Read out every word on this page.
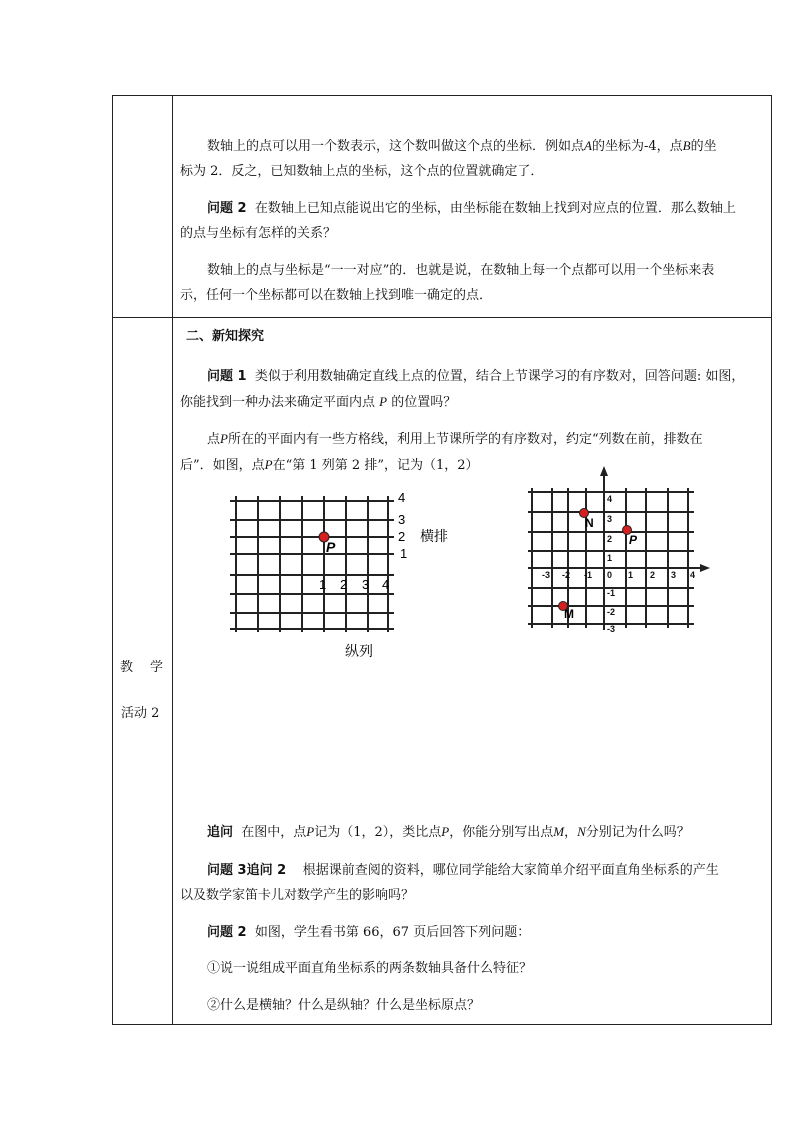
数轴上的点可以用一个数表示，这个数叫做这个点的坐标．例如点A的坐标为-4，点B的坐

标为 2．反之，已知数轴上点的坐标，这个点的位置就确定了．

问题 2 在数轴上已知点能说出它的坐标，由坐标能在数轴上找到对应点的位置．那么数轴上

的点与坐标有怎样的关系？

数轴上的点与坐标是“一一对应”的．也就是说，在数轴上每一个点都可以用一个坐标来表

示，任何一个坐标都可以在数轴上找到唯一确定的点．

教 学
活动 2
二、新知探究

问题 1 类似于利用数轴确定直线上点的位置，结合上节课学习的有序数对，回答问题: 如图，

你能找到一种办法来确定平面内点 P 的位置吗？

点P所在的平面内有一些方格线，利用上节课所学的有序数对，约定“列数在前，排数在

后”．如图，点P在“第 1 列第 2 排”，记为（1，2）

4
3
2
1
1 2 3 4
P
横排
纵列
-3 -2 -1 0 1 2 3 4
4
3
2
1
-1
-2
-3
N
P
M

追问 在图中，点P记为（1，2），类比点P，你能分别写出点M，N分别记为什么吗？

问题 3追问 2 根据课前查阅的资料，哪位同学能给大家简单介绍平面直角坐标系的产生

以及数学家笛卡儿对数学产生的影响吗？

问题 2 如图，学生看书第 66，67 页后回答下列问题：

①说一说组成平面直角坐标系的两条数轴具备什么特征？

②什么是横轴？什么是纵轴？什么是坐标原点？
